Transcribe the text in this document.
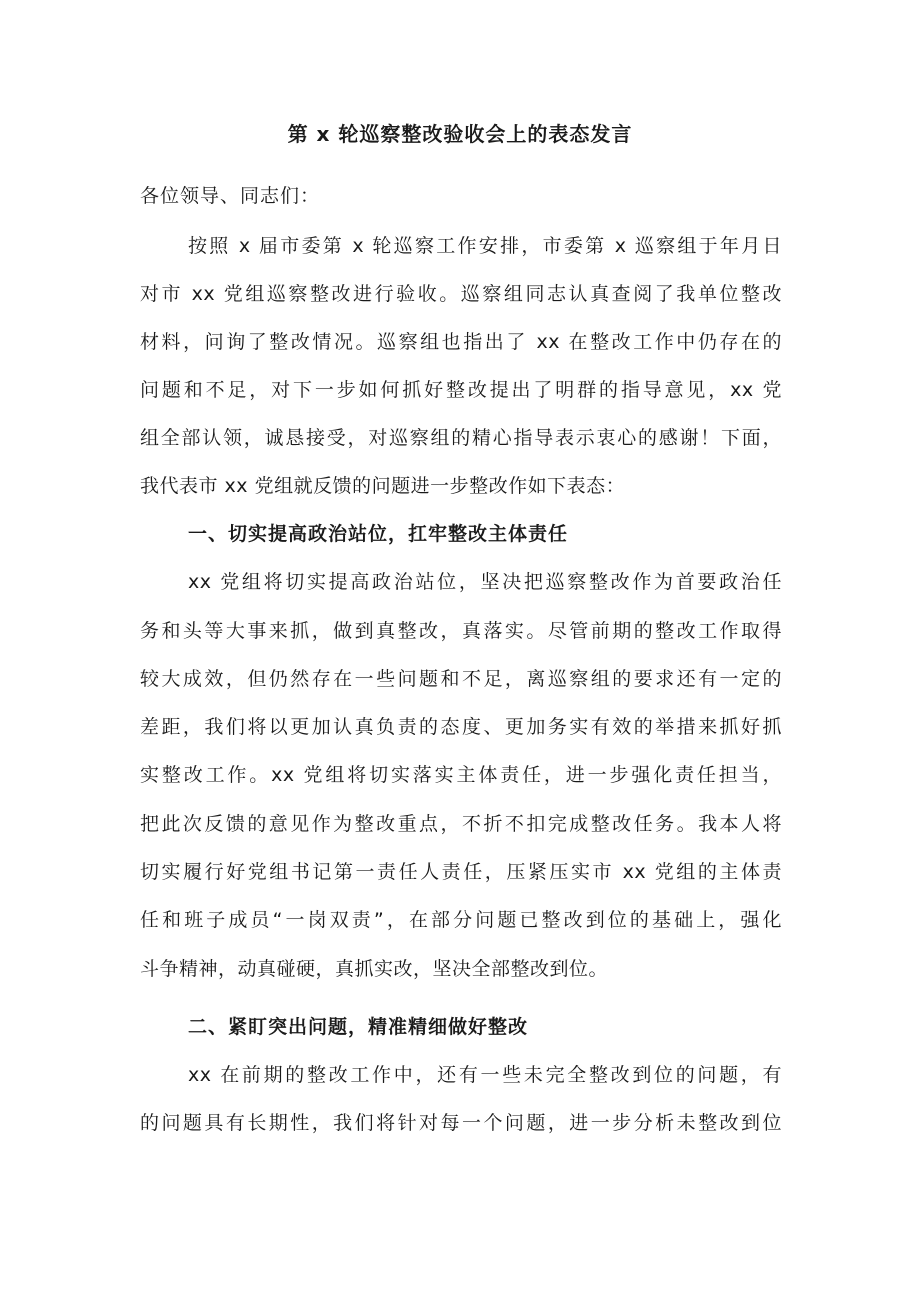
第 x 轮巡察整改验收会上的表态发言
各位领导、同志们：
按照 x 届市委第 x 轮巡察工作安排，市委第 x 巡察组于年月日
对市 xx 党组巡察整改进行验收。巡察组同志认真查阅了我单位整改
材料，问询了整改情况。巡察组也指出了 xx 在整改工作中仍存在的
问题和不足，对下一步如何抓好整改提出了明群的指导意见，xx 党
组全部认领，诚恳接受，对巡察组的精心指导表示衷心的感谢！下面，
我代表市 xx 党组就反馈的问题进一步整改作如下表态：
一、切实提高政治站位，扛牢整改主体责任
xx 党组将切实提高政治站位，坚决把巡察整改作为首要政治任
务和头等大事来抓，做到真整改，真落实。尽管前期的整改工作取得
较大成效，但仍然存在一些问题和不足，离巡察组的要求还有一定的
差距，我们将以更加认真负责的态度、更加务实有效的举措来抓好抓
实整改工作。xx 党组将切实落实主体责任，进一步强化责任担当，
把此次反馈的意见作为整改重点，不折不扣完成整改任务。我本人将
切实履行好党组书记第一责任人责任，压紧压实市 xx 党组的主体责
任和班子成员“一岗双责”，在部分问题已整改到位的基础上，强化
斗争精神，动真碰硬，真抓实改，坚决全部整改到位。
二、紧盯突出问题，精准精细做好整改
xx 在前期的整改工作中，还有一些未完全整改到位的问题，有
的问题具有长期性，我们将针对每一个问题，进一步分析未整改到位
